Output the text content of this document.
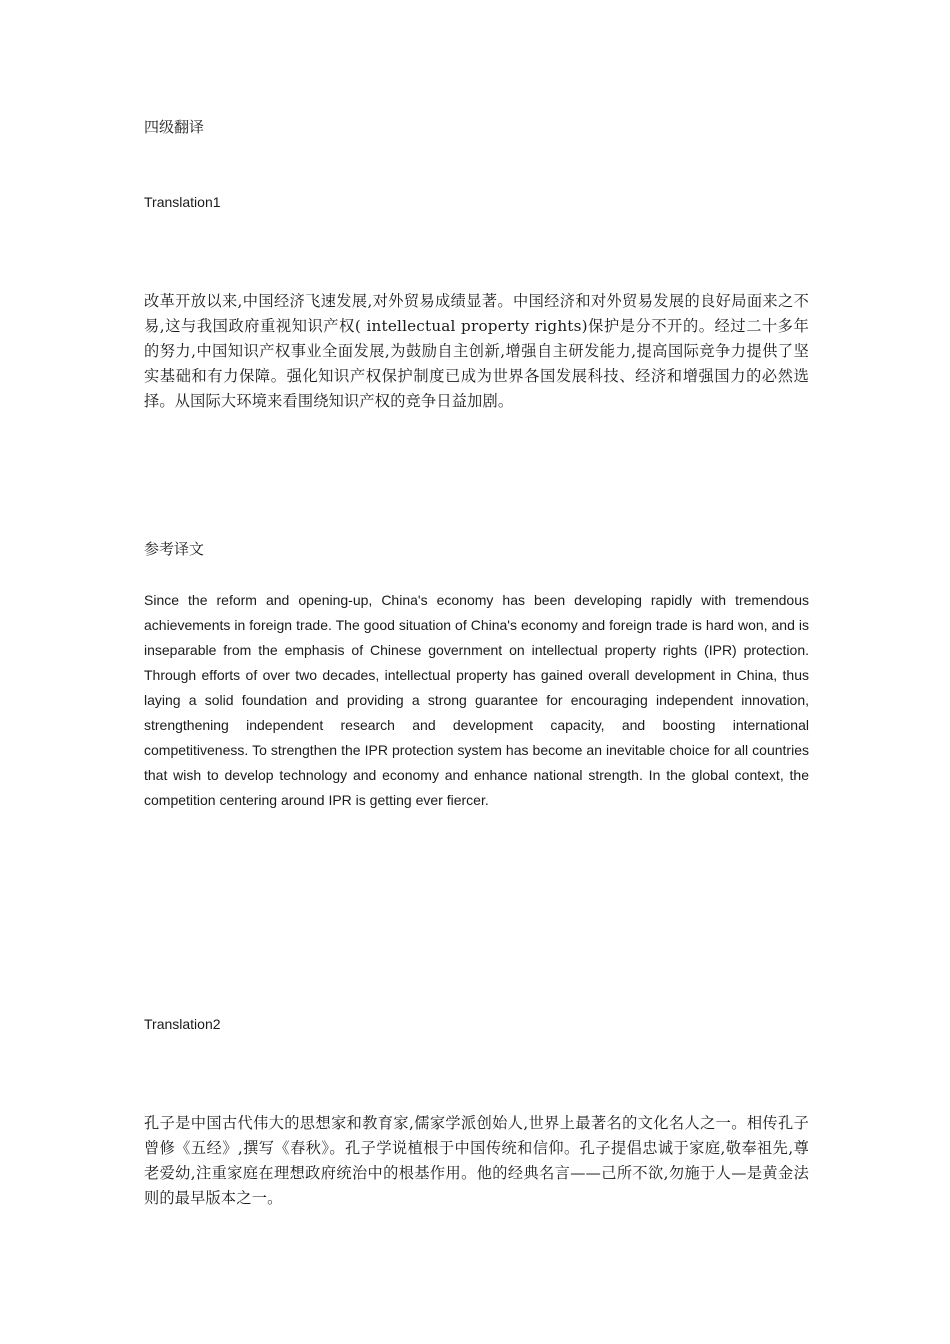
四级翻译
Translation1

改革开放以来,中国经济飞速发展,对外贸易成绩显著。中国经济和对外贸易发展的良好局面来之不易,这与我国政府重视知识产权( intellectual property rights)保护是分不开的。经过二十多年的努力,中国知识产权事业全面发展,为鼓励自主创新,增强自主研发能力,提高国际竞争力提供了坚实基础和有力保障。强化知识产权保护制度已成为世界各国发展科技、经济和增强国力的必然选择。从国际大环境来看围绕知识产权的竞争日益加剧。

参考译文

Since the reform and opening-up, China's economy has been developing rapidly with tremendous achievements in foreign trade. The good situation of China's economy and foreign trade is hard won, and is inseparable from the emphasis of Chinese government on intellectual property rights (IPR) protection. Through efforts of over two decades, intellectual property has gained overall development in China, thus laying a solid foundation and providing a strong guarantee for encouraging independent innovation, strengthening independent research and development capacity, and boosting international competitiveness. To strengthen the IPR protection system has become an inevitable choice for all countries that wish to develop technology and economy and enhance national strength. In the global context, the competition centering around IPR is getting ever fiercer.

Translation2

孔子是中国古代伟大的思想家和教育家,儒家学派创始人,世界上最著名的文化名人之一。相传孔子曾修《五经》,撰写《春秋》。孔子学说植根于中国传统和信仰。孔子提倡忠诚于家庭,敬奉祖先,尊老爱幼,注重家庭在理想政府统治中的根基作用。他的经典名言——己所不欲,勿施于人—是黄金法则的最早版本之一。
